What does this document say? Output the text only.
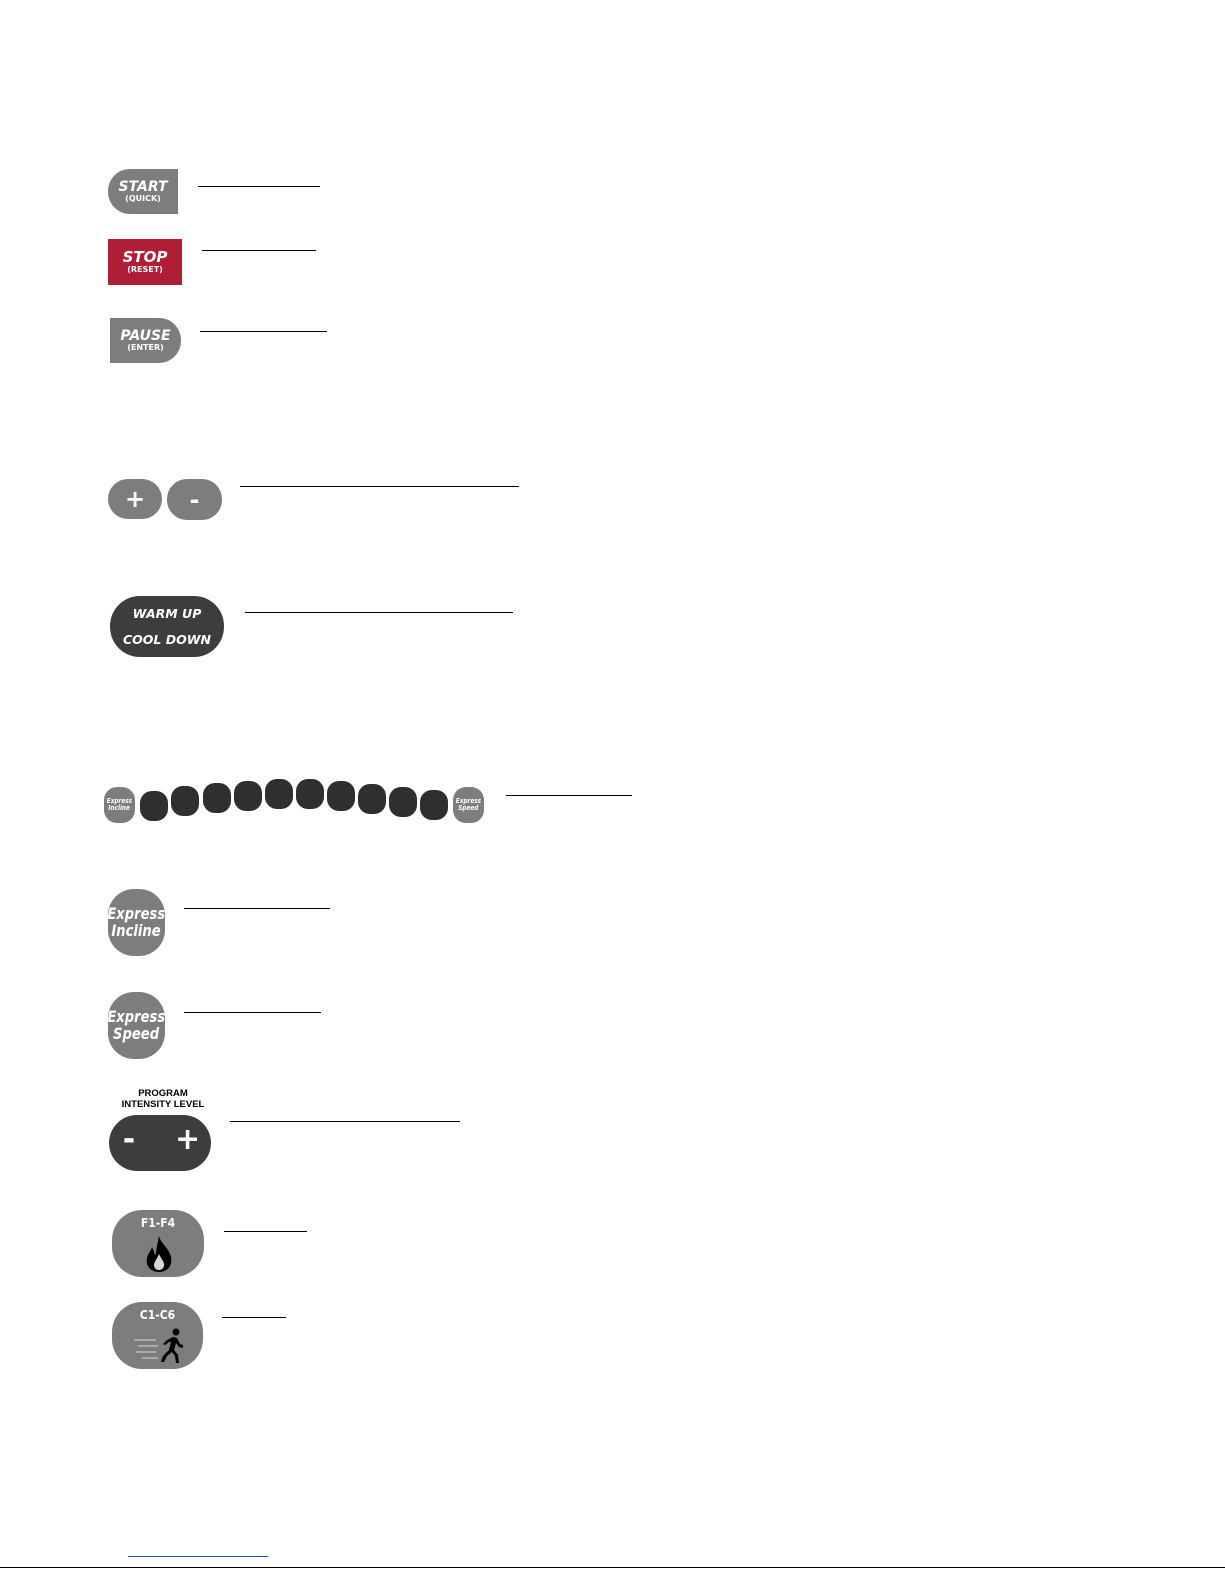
START
(QUICK)
STOP
(RESET)
PAUSE
(ENTER)
+ -
WARM UP
COOL DOWN
Express
Incline
Express
Speed
Express
Incline
Express
Speed
PROGRAM
INTENSITY LEVEL
- +
F1-F4
C1-C6
